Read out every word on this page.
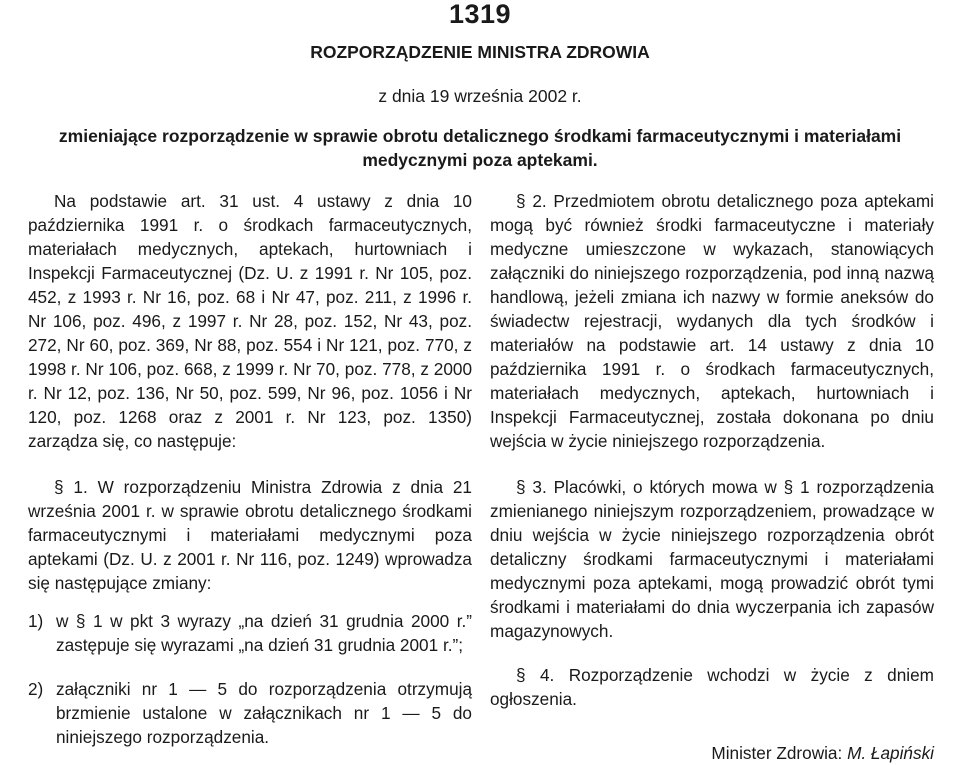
1319
ROZPORZĄDZENIE MINISTRA ZDROWIA
z dnia 19 września 2002 r.
zmieniające rozporządzenie w sprawie obrotu detalicznego środkami farmaceutycznymi i materiałami medycznymi poza aptekami.

Na podstawie art. 31 ust. 4 ustawy z dnia 10 października 1991 r. o środkach farmaceutycznych, materiałach medycznych, aptekach, hurtowniach i Inspekcji Farmaceutycznej (Dz. U. z 1991 r. Nr 105, poz. 452, z 1993 r. Nr 16, poz. 68 i Nr 47, poz. 211, z 1996 r. Nr 106, poz. 496, z 1997 r. Nr 28, poz. 152, Nr 43, poz. 272, Nr 60, poz. 369, Nr 88, poz. 554 i Nr 121, poz. 770, z 1998 r. Nr 106, poz. 668, z 1999 r. Nr 70, poz. 778, z 2000 r. Nr 12, poz. 136, Nr 50, poz. 599, Nr 96, poz. 1056 i Nr 120, poz. 1268 oraz z 2001 r. Nr 123, poz. 1350) zarządza się, co następuje:

§ 1. W rozporządzeniu Ministra Zdrowia z dnia 21 września 2001 r. w sprawie obrotu detalicznego środkami farmaceutycznymi i materiałami medycznymi poza aptekami (Dz. U. z 2001 r. Nr 116, poz. 1249) wprowadza się następujące zmiany:

1) w § 1 w pkt 3 wyrazy „na dzień 31 grudnia 2000 r.” zastępuje się wyrazami „na dzień 31 grudnia 2001 r.”;
2) załączniki nr 1 — 5 do rozporządzenia otrzymują brzmienie ustalone w załącznikach nr 1 — 5 do niniejszego rozporządzenia.

§ 2. Przedmiotem obrotu detalicznego poza aptekami mogą być również środki farmaceutyczne i materiały medyczne umieszczone w wykazach, stanowiących załączniki do niniejszego rozporządzenia, pod inną nazwą handlową, jeżeli zmiana ich nazwy w formie aneksów do świadectw rejestracji, wydanych dla tych środków i materiałów na podstawie art. 14 ustawy z dnia 10 października 1991 r. o środkach farmaceutycznych, materiałach medycznych, aptekach, hurtowniach i Inspekcji Farmaceutycznej, została dokonana po dniu wejścia w życie niniejszego rozporządzenia.

§ 3. Placówki, o których mowa w § 1 rozporządzenia zmienianego niniejszym rozporządzeniem, prowadzące w dniu wejścia w życie niniejszego rozporządzenia obrót detaliczny środkami farmaceutycznymi i materiałami medycznymi poza aptekami, mogą prowadzić obrót tymi środkami i materiałami do dnia wyczerpania ich zapasów magazynowych.

§ 4. Rozporządzenie wchodzi w życie z dniem ogłoszenia.

Minister Zdrowia: M. Łapiński
